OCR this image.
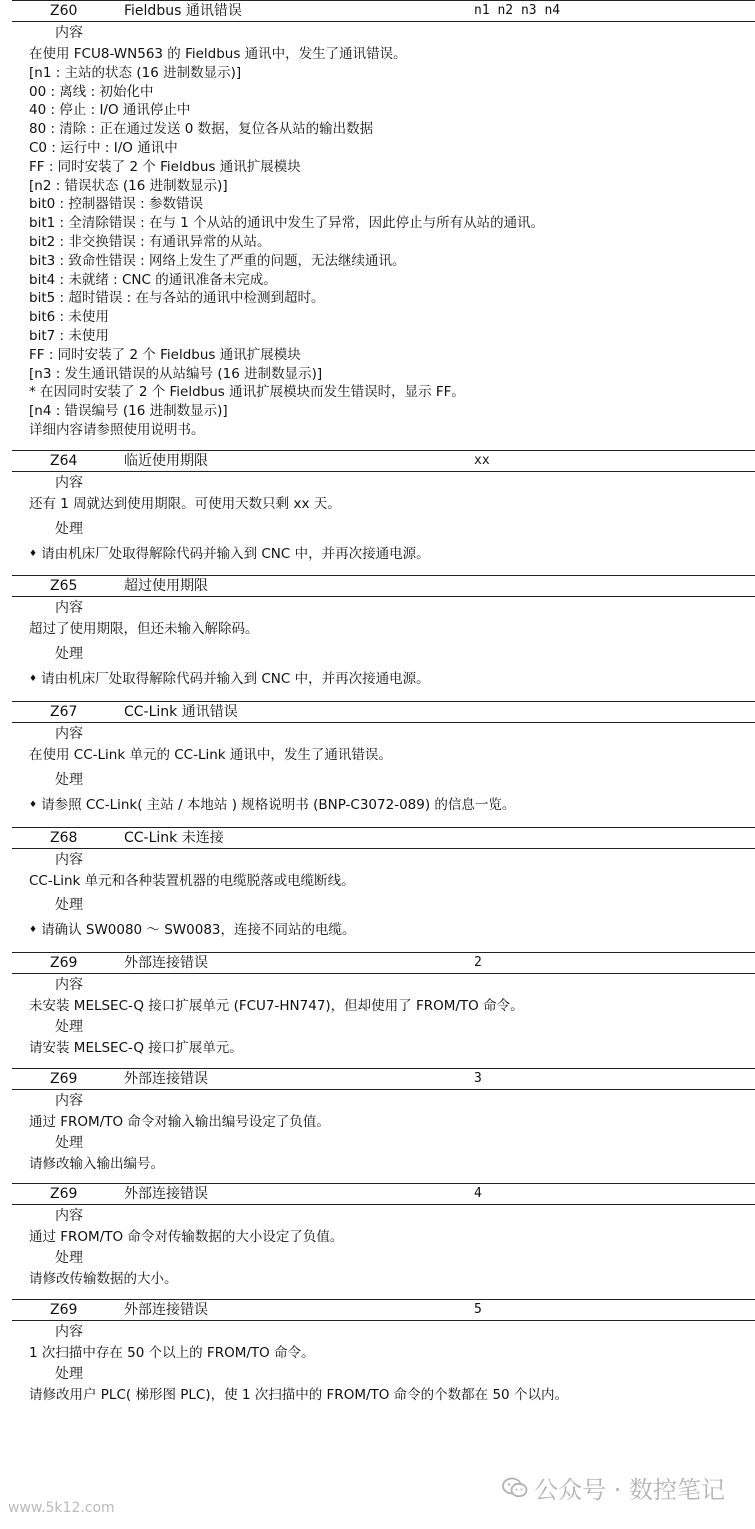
Z60	Fieldbus 通讯错误	n1 n2 n3 n4
内容
在使用 FCU8-WN563 的 Fieldbus 通讯中，发生了通讯错误。
[n1 : 主站的状态 (16 进制数显示)]
00 : 离线 : 初始化中
40 : 停止 : I/O 通讯停止中
80 : 清除 : 正在通过发送 0 数据，复位各从站的输出数据
C0 : 运行中 : I/O 通讯中
FF : 同时安装了 2 个 Fieldbus 通讯扩展模块
[n2 : 错误状态 (16 进制数显示)]
bit0 : 控制器错误 : 参数错误
bit1 : 全清除错误 : 在与 1 个从站的通讯中发生了异常，因此停止与所有从站的通讯。
bit2 : 非交换错误 : 有通讯异常的从站。
bit3 : 致命性错误 : 网络上发生了严重的问题，无法继续通讯。
bit4 : 未就绪 : CNC 的通讯准备未完成。
bit5 : 超时错误 : 在与各站的通讯中检测到超时。
bit6 : 未使用
bit7 : 未使用
FF : 同时安装了 2 个 Fieldbus 通讯扩展模块
[n3 : 发生通讯错误的从站编号 (16 进制数显示)]
* 在因同时安装了 2 个 Fieldbus 通讯扩展模块而发生错误时，显示 FF。
[n4 : 错误编号 (16 进制数显示)]
详细内容请参照使用说明书。
Z64	临近使用期限	xx
内容
还有 1 周就达到使用期限。可使用天数只剩 xx 天。
处理
♦ 请由机床厂处取得解除代码并输入到 CNC 中，并再次接通电源。
Z65	超过使用期限
内容
超过了使用期限，但还未输入解除码。
处理
♦ 请由机床厂处取得解除代码并输入到 CNC 中，并再次接通电源。
Z67	CC-Link 通讯错误
内容
在使用 CC-Link 单元的 CC-Link 通讯中，发生了通讯错误。
处理
♦ 请参照 CC-Link( 主站 / 本地站 ) 规格说明书 (BNP-C3072-089) 的信息一览。
Z68	CC-Link 未连接
内容
CC-Link 单元和各种装置机器的电缆脱落或电缆断线。
处理
♦ 请确认 SW0080 ～ SW0083，连接不同站的电缆。
Z69	外部连接错误	2
内容
未安装 MELSEC-Q 接口扩展单元 (FCU7-HN747)，但却使用了 FROM/TO 命令。
处理
请安装 MELSEC-Q 接口扩展单元。
Z69	外部连接错误	3
内容
通过 FROM/TO 命令对输入输出编号设定了负值。
处理
请修改输入输出编号。
Z69	外部连接错误	4
内容
通过 FROM/TO 命令对传输数据的大小设定了负值。
处理
请修改传输数据的大小。
Z69	外部连接错误	5
内容
1 次扫描中存在 50 个以上的 FROM/TO 命令。
处理
请修改用户 PLC( 梯形图 PLC)，使 1 次扫描中的 FROM/TO 命令的个数都在 50 个以内。
公众号 · 数控笔记
www.5k12.com
